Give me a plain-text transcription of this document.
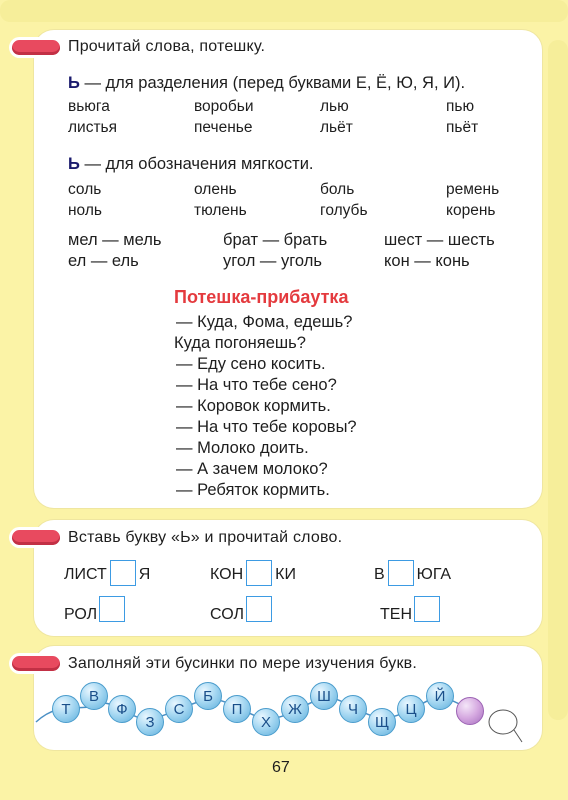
Прочитай слова, потешку.
Ь — для разделения (перед буквами Е, Ё, Ю, Я, И).
вьюга	воробьи	лью	пью
листья	печенье	льёт	пьёт
Ь — для обозначения мягкости.
соль	олень	боль	ремень
ноль	тюлень	голубь	корень
мел — мель	брат — брать	шест — шесть
ел — ель	угол — уголь	кон — конь
Потешка-прибаутка
— Куда, Фома, едешь?
Куда погоняешь?
— Еду сено косить.
— На что тебе сено?
— Коровок кормить.
— На что тебе коровы?
— Молоко доить.
— А зачем молоко?
— Ребяток кормить.
Вставь букву «Ь» и прочитай слово.
ЛИСТ Я	КОН КИ	В ЮГА
РОЛ	СОЛ	ТЕН
Заполняй эти бусинки по мере изучения букв.
Т
В
Ф
З
С
Б
П
Х
Ж
Ш
Ч
Щ
Ц
Й
67
